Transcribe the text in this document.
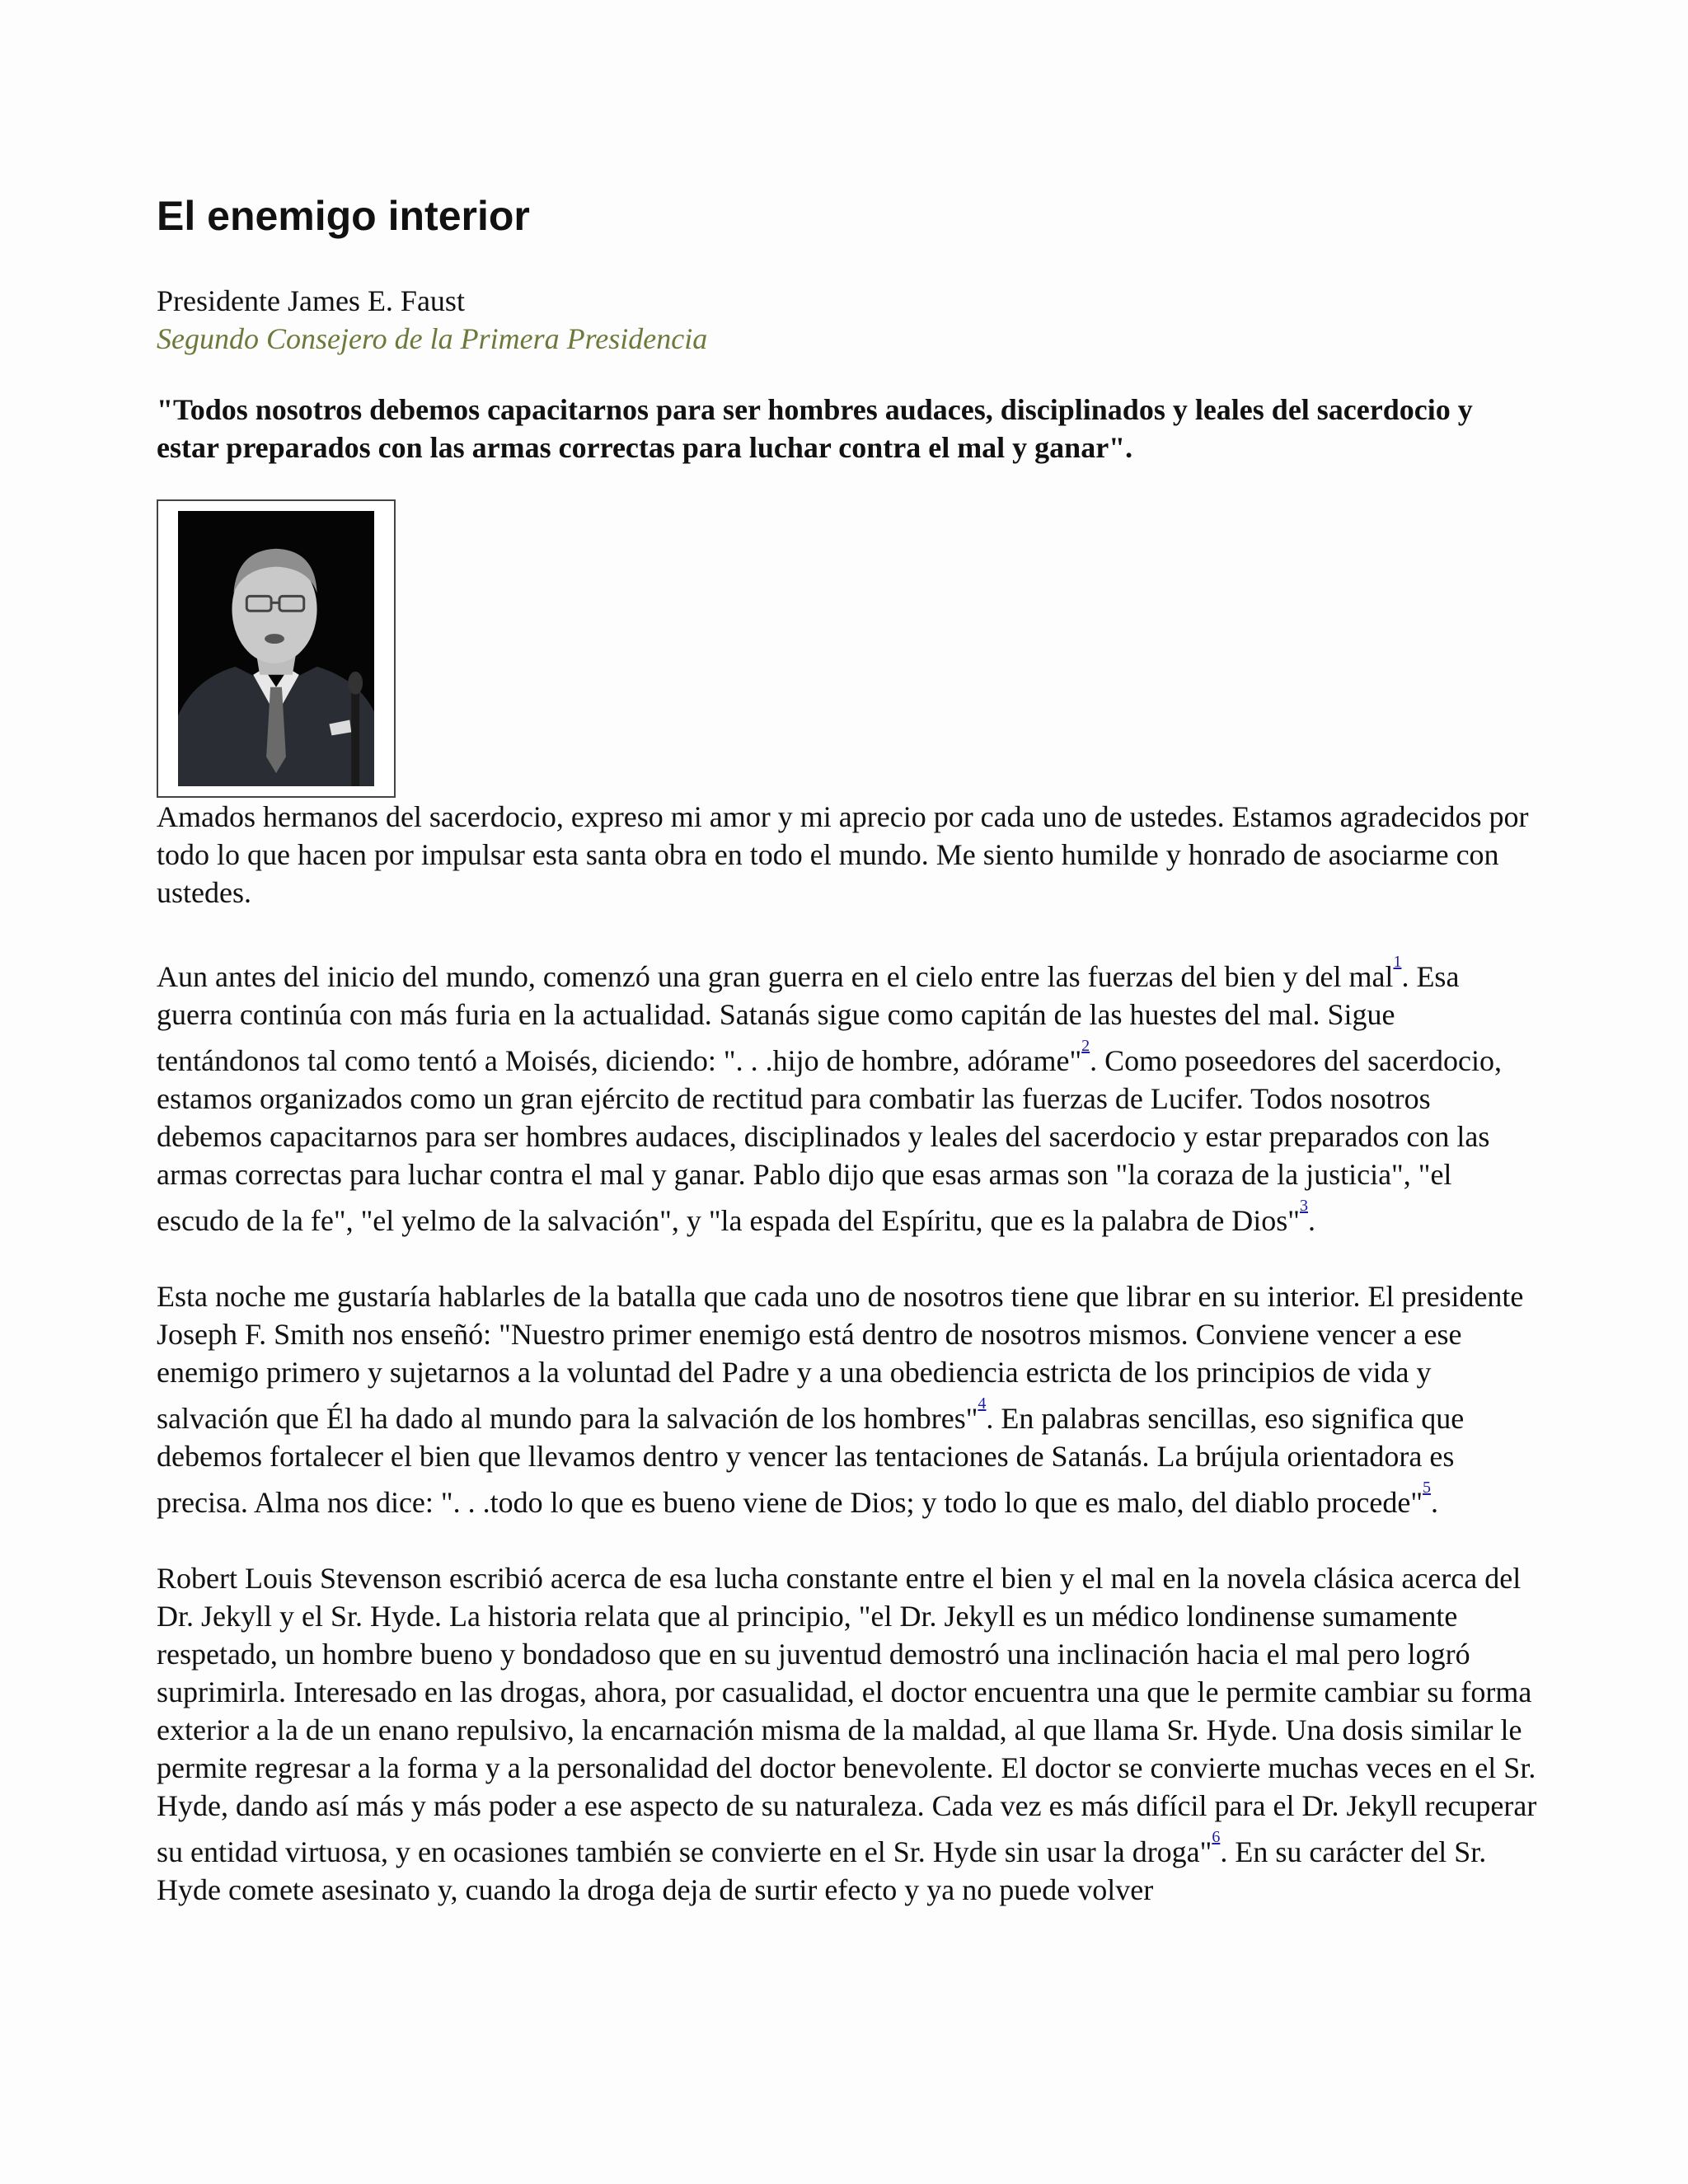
El enemigo interior
Presidente James E. Faust
Segundo Consejero de la Primera Presidencia
"Todos nosotros debemos capacitarnos para ser hombres audaces, disciplinados y leales del sacerdocio y estar preparados con las armas correctas para luchar contra el mal y ganar".

Amados hermanos del sacerdocio, expreso mi amor y mi aprecio por cada uno de ustedes. Estamos agradecidos por todo lo que hacen por impulsar esta santa obra en todo el mundo. Me siento humilde y honrado de asociarme con ustedes.

Aun antes del inicio del mundo, comenzó una gran guerra en el cielo entre las fuerzas del bien y del mal$^{^1}$. Esa guerra continúa con más furia en la actualidad. Satanás sigue como capitán de las huestes del mal. Sigue tentándonos tal como tentó a Moisés, diciendo: ". . .hijo de hombre, adórame"$^{^2}$. Como poseedores del sacerdocio, estamos organizados como un gran ejército de rectitud para combatir las fuerzas de Lucifer. Todos nosotros debemos capacitarnos para ser hombres audaces, disciplinados y leales del sacerdocio y estar preparados con las armas correctas para luchar contra el mal y ganar. Pablo dijo que esas armas son "la coraza de la justicia", "el escudo de la fe", "el yelmo de la salvación", y "la espada del Espíritu, que es la palabra de Dios"$^{^3}$.

Esta noche me gustaría hablarles de la batalla que cada uno de nosotros tiene que librar en su interior. El presidente Joseph F. Smith nos enseñó: "Nuestro primer enemigo está dentro de nosotros mismos. Conviene vencer a ese enemigo primero y sujetarnos a la voluntad del Padre y a una obediencia estricta de los principios de vida y salvación que Él ha dado al mundo para la salvación de los hombres"$^{^4}$. En palabras sencillas, eso significa que debemos fortalecer el bien que llevamos dentro y vencer las tentaciones de Satanás. La brújula orientadora es precisa. Alma nos dice: ". . .todo lo que es bueno viene de Dios; y todo lo que es malo, del diablo procede"$^{^5}$.

Robert Louis Stevenson escribió acerca de esa lucha constante entre el bien y el mal en la novela clásica acerca del Dr. Jekyll y el Sr. Hyde. La historia relata que al principio, "el Dr. Jekyll es un médico londinense sumamente respetado, un hombre bueno y bondadoso que en su juventud demostró una inclinación hacia el mal pero logró suprimirla. Interesado en las drogas, ahora, por casualidad, el doctor encuentra una que le permite cambiar su forma exterior a la de un enano repulsivo, la encarnación misma de la maldad, al que llama Sr. Hyde. Una dosis similar le permite regresar a la forma y a la personalidad del doctor benevolente. El doctor se convierte muchas veces en el Sr. Hyde, dando así más y más poder a ese aspecto de su naturaleza. Cada vez es más difícil para el Dr. Jekyll recuperar su entidad virtuosa, y en ocasiones también se convierte en el Sr. Hyde sin usar la droga"$^{^6}$. En su carácter del Sr. Hyde comete asesinato y, cuando la droga deja de surtir efecto y ya no puede volver
